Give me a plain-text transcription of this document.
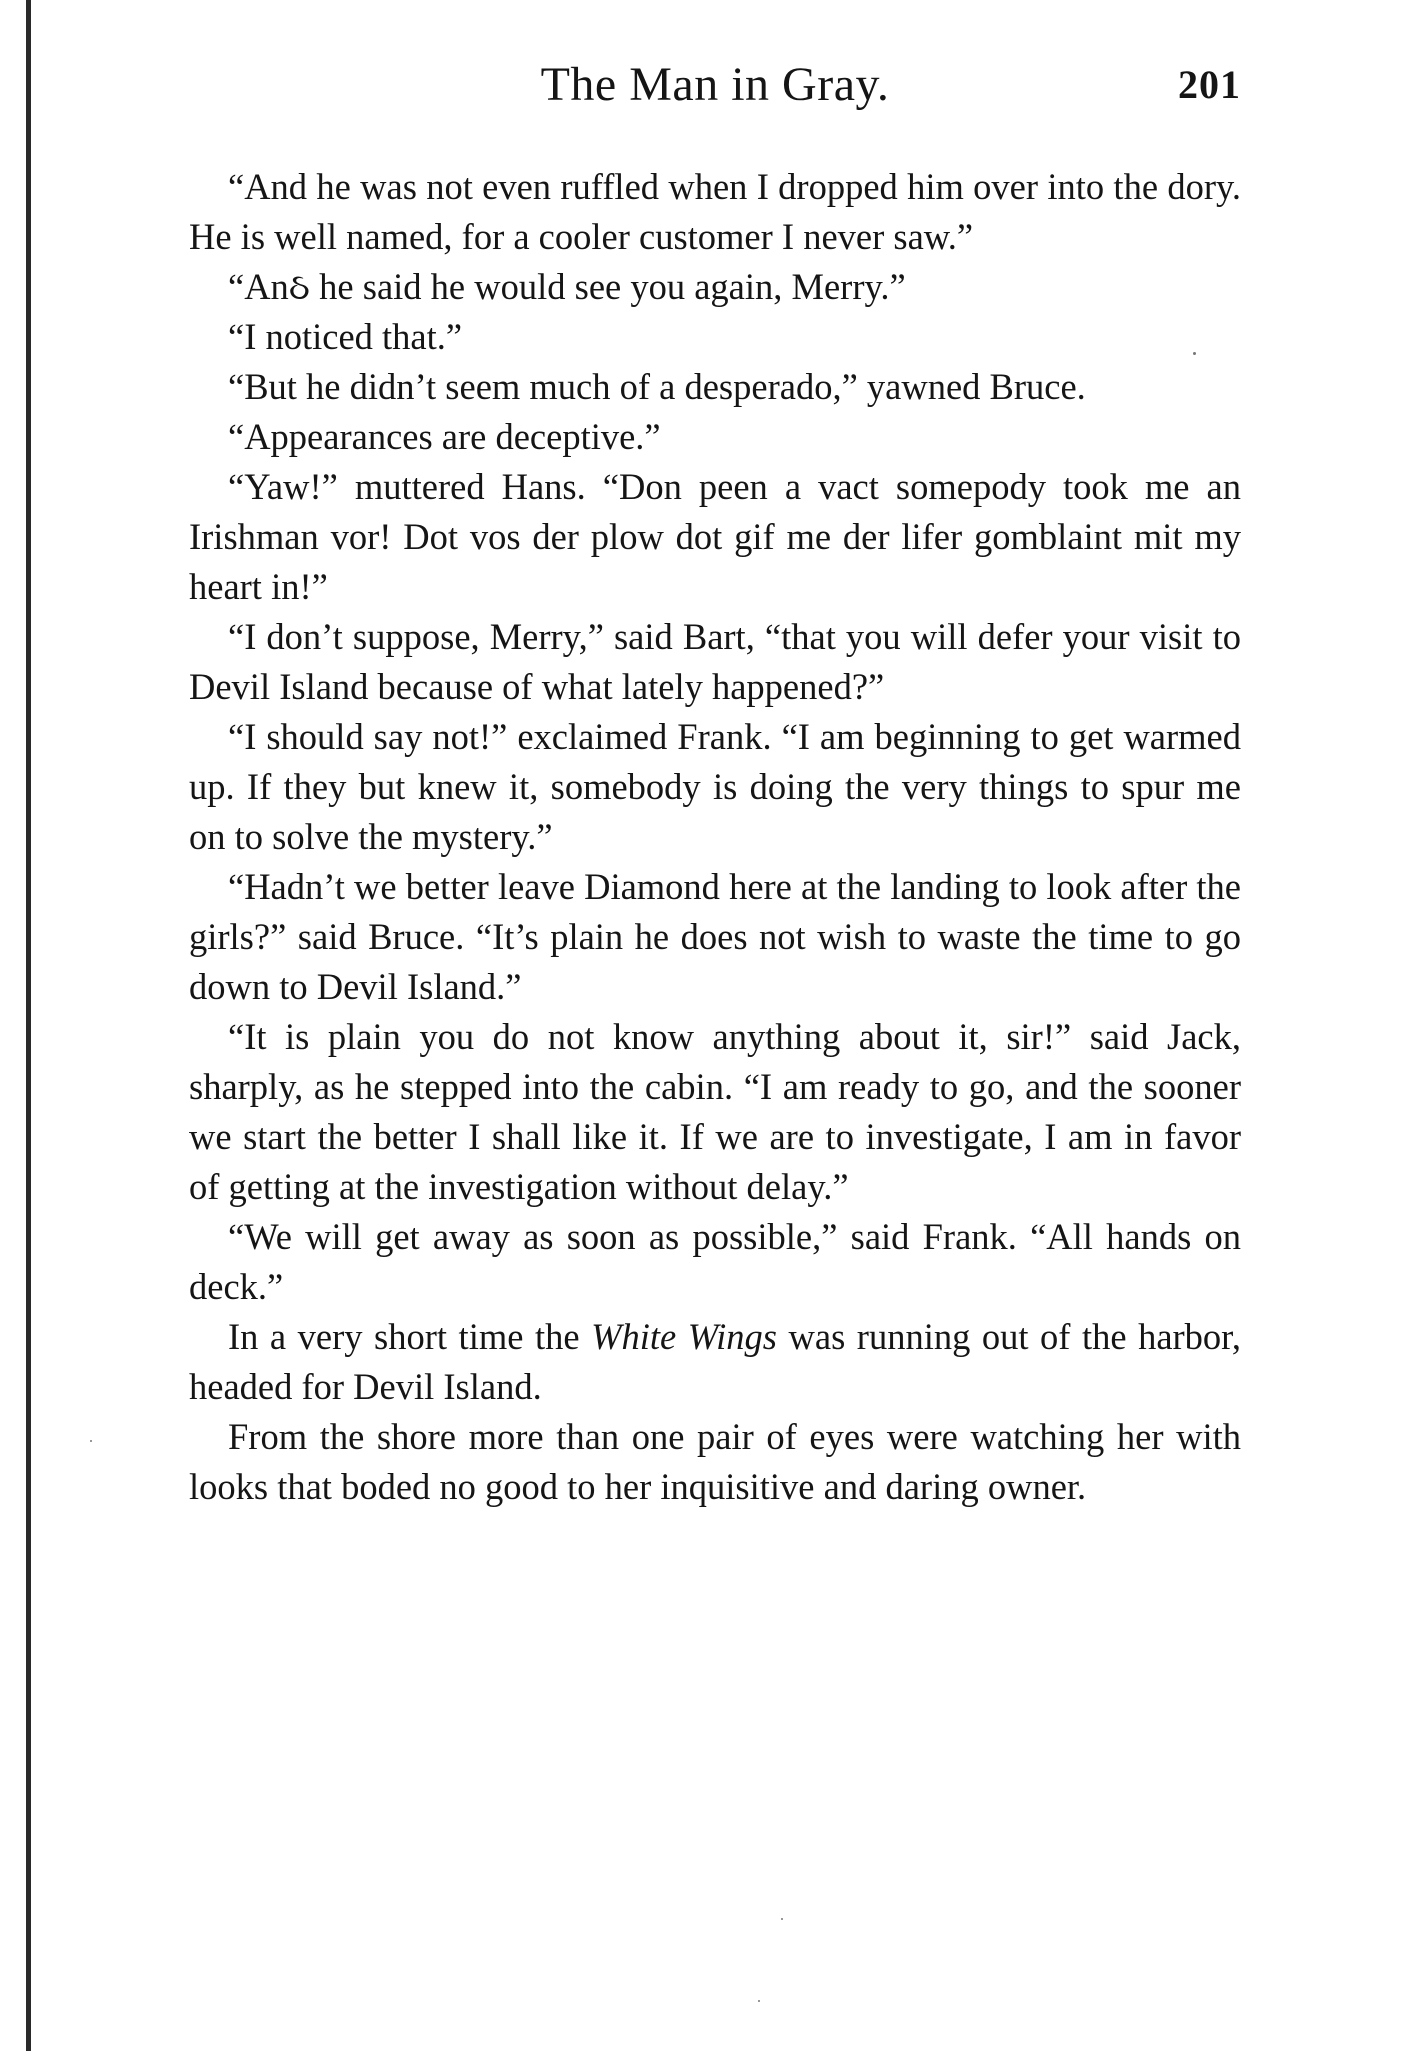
The Man in Gray.	201

“And he was not even ruffled when I dropped him over into the dory. He is well named, for a cooler customer I never saw.”

“Anઠ he said he would see you again, Merry.”

“I noticed that.”

“But he didn’t seem much of a desperado,” yawned Bruce.

“Appearances are deceptive.”

“Yaw!” muttered Hans. “Don peen a vact somepody took me an Irishman vor! Dot vos der plow dot gif me der lifer gomblaint mit my heart in!”

“I don’t suppose, Merry,” said Bart, “that you will defer your visit to Devil Island because of what lately happened?”

“I should say not!” exclaimed Frank. “I am beginning to get warmed up. If they but knew it, somebody is doing the very things to spur me on to solve the mystery.”

“Hadn’t we better leave Diamond here at the landing to look after the girls?” said Bruce. “It’s plain he does not wish to waste the time to go down to Devil Island.”

“It is plain you do not know anything about it, sir!” said Jack, sharply, as he stepped into the cabin. “I am ready to go, and the sooner we start the better I shall like it. If we are to investigate, I am in favor of getting at the investigation without delay.”

“We will get away as soon as possible,” said Frank. “All hands on deck.”

In a very short time the White Wings was running out of the harbor, headed for Devil Island.

From the shore more than one pair of eyes were watching her with looks that boded no good to her inquisitive and daring owner.
